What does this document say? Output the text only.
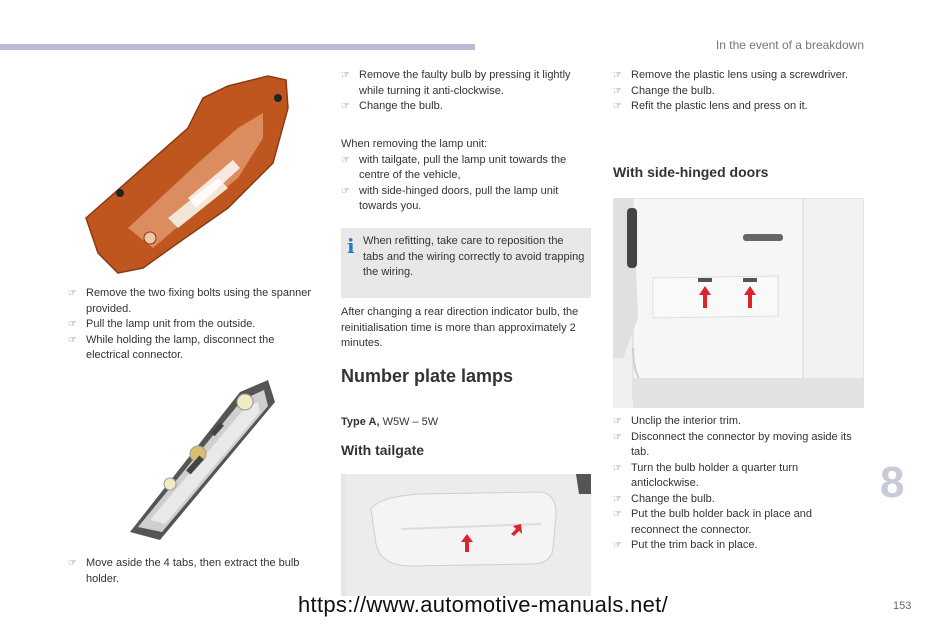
In the event of a breakdown
☞ Remove the two fixing bolts using the spanner provided.
☞ Pull the lamp unit from the outside.
☞ While holding the lamp, disconnect the electrical connector.
☞ Move aside the 4 tabs, then extract the bulb holder.
☞ Remove the faulty bulb by pressing it lightly while turning it anti-clockwise.
☞ Change the bulb.

When removing the lamp unit:

☞ with tailgate, pull the lamp unit towards the centre of the vehicle,
☞ with side-hinged doors, pull the lamp unit towards you.
i When refitting, take care to reposition the tabs and the wiring correctly to avoid trapping the wiring.

After changing a rear direction indicator bulb, the reinitialisation time is more than approximately 2 minutes.

Number plate lamps
Type A, W5W – 5W
With tailgate
☞ Remove the plastic lens using a screwdriver.
☞ Change the bulb.
☞ Refit the plastic lens and press on it.
With side-hinged doors
☞ Unclip the interior trim.
☞ Disconnect the connector by moving aside its tab.
☞ Turn the bulb holder a quarter turn anticlockwise.
☞ Change the bulb.
☞ Put the bulb holder back in place and reconnect the connector.
☞ Put the trim back in place.
8
153
https://www.automotive-manuals.net/
